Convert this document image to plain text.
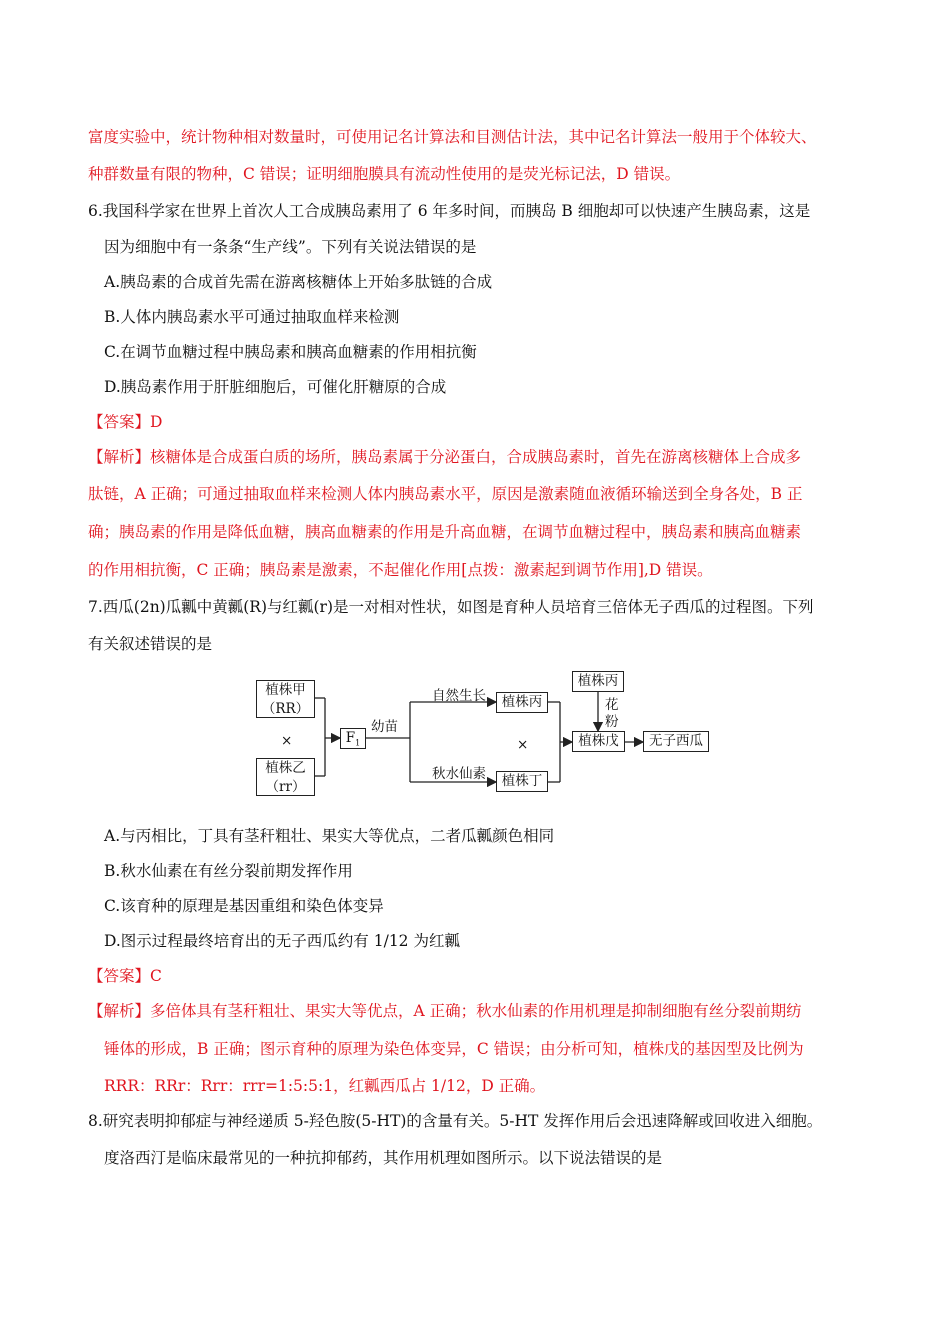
富度实验中，统计物种相对数量时，可使用记名计算法和目测估计法，其中记名计算法一般用于个体较大、
种群数量有限的物种，C 错误；证明细胞膜具有流动性使用的是荧光标记法，D 错误。
6.我国科学家在世界上首次人工合成胰岛素用了 6 年多时间，而胰岛 B 细胞却可以快速产生胰岛素，这是
因为细胞中有一条条“生产线”。下列有关说法错误的是
A.胰岛素的合成首先需在游离核糖体上开始多肽链的合成
B.人体内胰岛素水平可通过抽取血样来检测
C.在调节血糖过程中胰岛素和胰高血糖素的作用相抗衡
D.胰岛素作用于肝脏细胞后，可催化肝糖原的合成
【答案】D
【解析】核糖体是合成蛋白质的场所，胰岛素属于分泌蛋白，合成胰岛素时，首先在游离核糖体上合成多
肽链，A 正确；可通过抽取血样来检测人体内胰岛素水平，原因是激素随血液循环输送到全身各处，B 正
确；胰岛素的作用是降低血糖，胰高血糖素的作用是升高血糖，在调节血糖过程中，胰岛素和胰高血糖素
的作用相抗衡，C 正确；胰岛素是激素，不起催化作用[点拨：激素起到调节作用],D 错误。
7.西瓜(2n)瓜瓤中黄瓤(R)与红瓤(r)是一对相对性状，如图是育种人员培育三倍体无子西瓜的过程图。下列
有关叙述错误的是
植株甲
（RR）
×
植株乙
（rr）
$F_1$
幼苗
自然生长
秋水仙素
植株丙
×
植株丁
植株丙
花
粉
植株戊	无子西瓜
A.与丙相比，丁具有茎秆粗壮、果实大等优点，二者瓜瓤颜色相同
B.秋水仙素在有丝分裂前期发挥作用
C.该育种的原理是基因重组和染色体变异
D.图示过程最终培育出的无子西瓜约有 1/12 为红瓤
【答案】C
【解析】多倍体具有茎秆粗壮、果实大等优点，A 正确；秋水仙素的作用机理是抑制细胞有丝分裂前期纺
锤体的形成，B 正确；图示育种的原理为染色体变异，C 错误；由分析可知，植株戊的基因型及比例为
RRR：RRr：Rrr：rrr=1:5:5:1，红瓤西瓜占 1/12，D 正确。
8.研究表明抑郁症与神经递质 5-羟色胺(5-HT)的含量有关。5-HT 发挥作用后会迅速降解或回收进入细胞。
度洛西汀是临床最常见的一种抗抑郁药，其作用机理如图所示。以下说法错误的是
